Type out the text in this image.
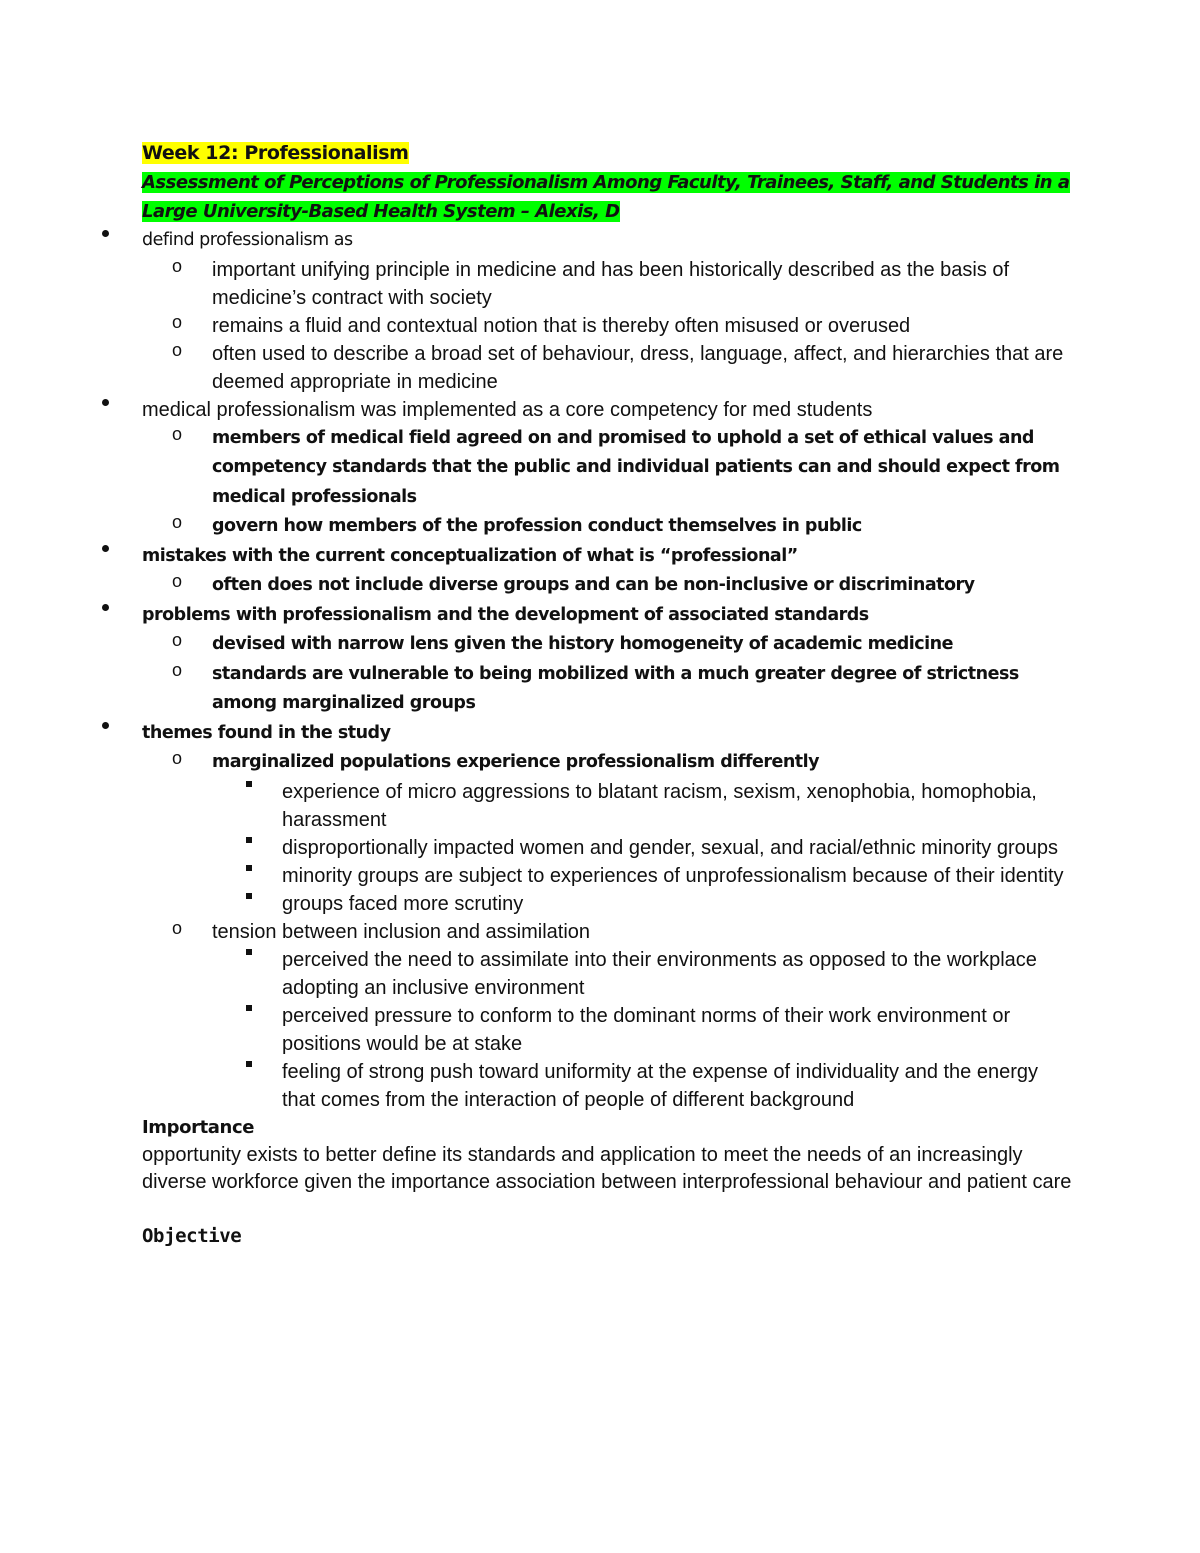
Week 12: Professionalism

Assessment of Perceptions of Professionalism Among Faculty, Trainees, Staff, and Students in a Large University-Based Health System – Alexis, D

defind professionalism as
o	important unifying principle in medicine and has been historically described as the basis of medicine’s contract with society
o	remains a fluid and contextual notion that is thereby often misused or overused
o	often used to describe a broad set of behaviour, dress, language, affect, and hierarchies that are deemed appropriate in medicine
medical professionalism was implemented as a core competency for med students
o	members of medical field agreed on and promised to uphold a set of ethical values and competency standards that the public and individual patients can and should expect from medical professionals
o	govern how members of the profession conduct themselves in public
mistakes with the current conceptualization of what is “professional”
o	often does not include diverse groups and can be non-inclusive or discriminatory
problems with professionalism and the development of associated standards
o	devised with narrow lens given the history homogeneity of academic medicine
o	standards are vulnerable to being mobilized with a much greater degree of strictness among marginalized groups
themes found in the study
o	marginalized populations experience professionalism differently
experience of micro aggressions to blatant racism, sexism, xenophobia, homophobia, harassment
disproportionally impacted women and gender, sexual, and racial/ethnic minority groups
minority groups are subject to experiences of unprofessionalism because of their identity
groups faced more scrutiny
o	tension between inclusion and assimilation
perceived the need to assimilate into their environments as opposed to the workplace adopting an inclusive environment
perceived pressure to conform to the dominant norms of their work environment or positions would be at stake
feeling of strong push toward uniformity at the expense of individuality and the energy that comes from the interaction of people of different background

Importance

opportunity exists to better define its standards and application to meet the needs of an increasingly diverse workforce given the importance association between interprofessional behaviour and patient care

Objective
